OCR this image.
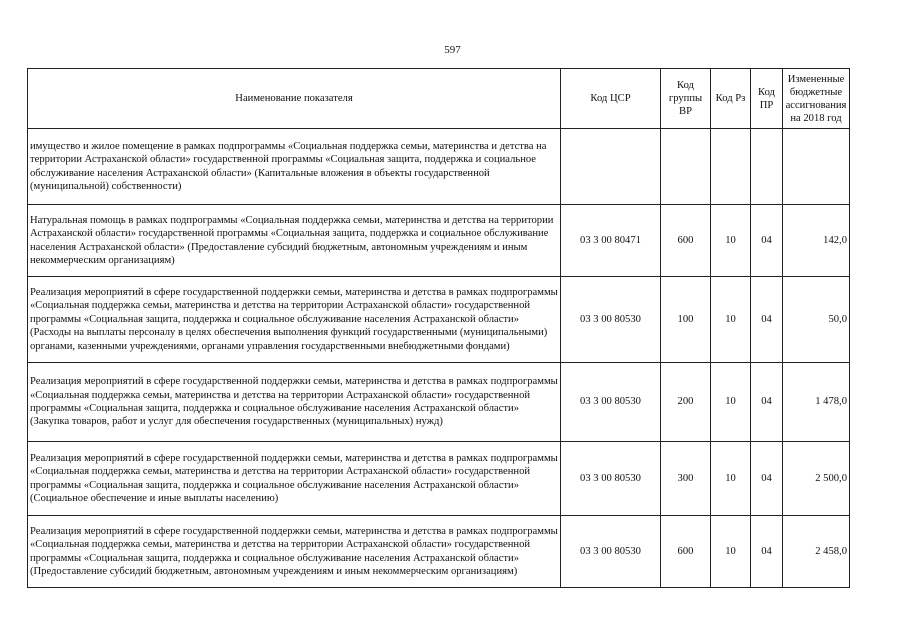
597
Наименование показателя	Код ЦСР	Код группы ВР	Код Рз	Код ПР	Измененные бюджетные ассигнования на 2018 год
имущество и жилое помещение в рамках подпрограммы «Социальная поддержка семьи, материнства и детства на территории Астраханской области» государственной программы «Социальная защита, поддержка и социальное обслуживание населения Астраханской области» (Капитальные вложения в объекты государственной (муниципальной) собственности)					
Натуральная помощь в рамках подпрограммы «Социальная поддержка семьи, материнства и детства на территории Астраханской области» государственной программы «Социальная защита, поддержка и социальное обслуживание населения Астраханской области» (Предоставление субсидий бюджетным, автономным учреждениям и иным некоммерческим организациям)	03 3 00 80471	600	10	04	142,0
Реализация мероприятий в сфере государственной поддержки семьи, материнства и детства в рамках подпрограммы «Социальная поддержка семьи, материнства и детства на территории Астраханской области» государственной программы «Социальная защита, поддержка и социальное обслуживание населения Астраханской области» (Расходы на выплаты персоналу в целях обеспечения выполнения функций государственными (муниципальными) органами, казенными учреждениями, органами управления государственными внебюджетными фондами)	03 3 00 80530	100	10	04	50,0
Реализация мероприятий в сфере государственной поддержки семьи, материнства и детства в рамках подпрограммы «Социальная поддержка семьи, материнства и детства на территории Астраханской области» государственной программы «Социальная защита, поддержка и социальное обслуживание населения Астраханской области» (Закупка товаров, работ и услуг для обеспечения государственных (муниципальных) нужд)	03 3 00 80530	200	10	04	1 478,0
Реализация мероприятий в сфере государственной поддержки семьи, материнства и детства в рамках подпрограммы «Социальная поддержка семьи, материнства и детства на территории Астраханской области» государственной программы «Социальная защита, поддержка и социальное обслуживание населения Астраханской области» (Социальное обеспечение и иные выплаты населению)	03 3 00 80530	300	10	04	2 500,0
Реализация мероприятий в сфере государственной поддержки семьи, материнства и детства в рамках подпрограммы «Социальная поддержка семьи, материнства и детства на территории Астраханской области» государственной программы «Социальная защита, поддержка и социальное обслуживание населения Астраханской области» (Предоставление субсидий бюджетным, автономным учреждениям и иным некоммерческим организациям)	03 3 00 80530	600	10	04	2 458,0
